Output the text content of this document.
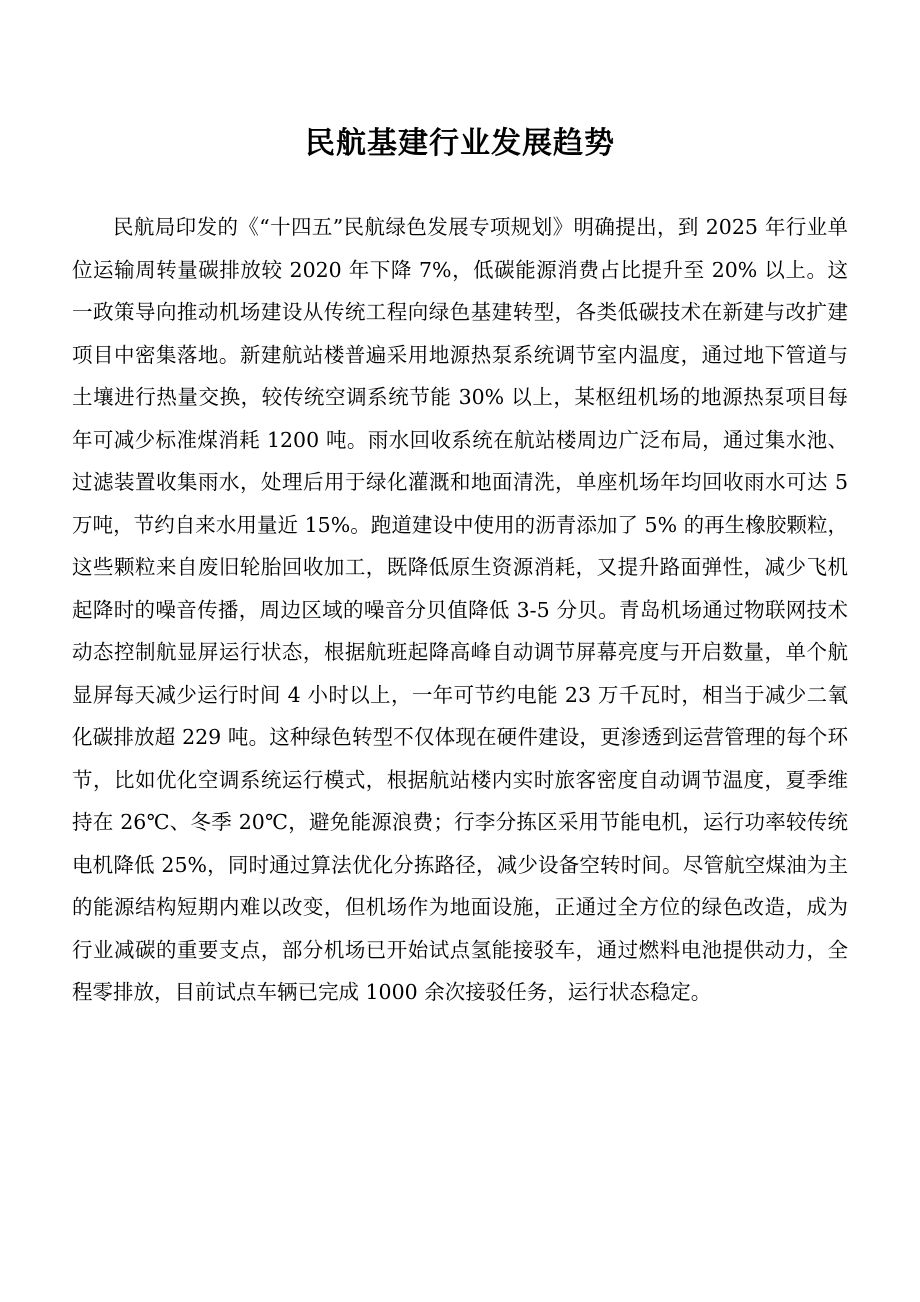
民航基建行业发展趋势

民航局印发的《“十四五”民航绿色发展专项规划》明确提出，到 2025 年行业单位运输周转量碳排放较 2020 年下降 7%，低碳能源消费占比提升至 20% 以上。这一政策导向推动机场建设从传统工程向绿色基建转型，各类低碳技术在新建与改扩建项目中密集落地。新建航站楼普遍采用地源热泵系统调节室内温度，通过地下管道与土壤进行热量交换，较传统空调系统节能 30% 以上，某枢纽机场的地源热泵项目每年可减少标准煤消耗 1200 吨。雨水回收系统在航站楼周边广泛布局，通过集水池、过滤装置收集雨水，处理后用于绿化灌溉和地面清洗，单座机场年均回收雨水可达 5 万吨，节约自来水用量近 15%。跑道建设中使用的沥青添加了 5% 的再生橡胶颗粒，这些颗粒来自废旧轮胎回收加工，既降低原生资源消耗，又提升路面弹性，减少飞机起降时的噪音传播，周边区域的噪音分贝值降低 3-5 分贝。青岛机场通过物联网技术动态控制航显屏运行状态，根据航班起降高峰自动调节屏幕亮度与开启数量，单个航显屏每天减少运行时间 4 小时以上，一年可节约电能 23 万千瓦时，相当于减少二氧化碳排放超 229 吨。这种绿色转型不仅体现在硬件建设，更渗透到运营管理的每个环节，比如优化空调系统运行模式，根据航站楼内实时旅客密度自动调节温度，夏季维持在 26℃、冬季 20℃，避免能源浪费；行李分拣区采用节能电机，运行功率较传统电机降低 25%，同时通过算法优化分拣路径，减少设备空转时间。尽管航空煤油为主的能源结构短期内难以改变，但机场作为地面设施，正通过全方位的绿色改造，成为行业减碳的重要支点，部分机场已开始试点氢能接驳车，通过燃料电池提供动力，全程零排放，目前试点车辆已完成 1000 余次接驳任务，运行状态稳定。
